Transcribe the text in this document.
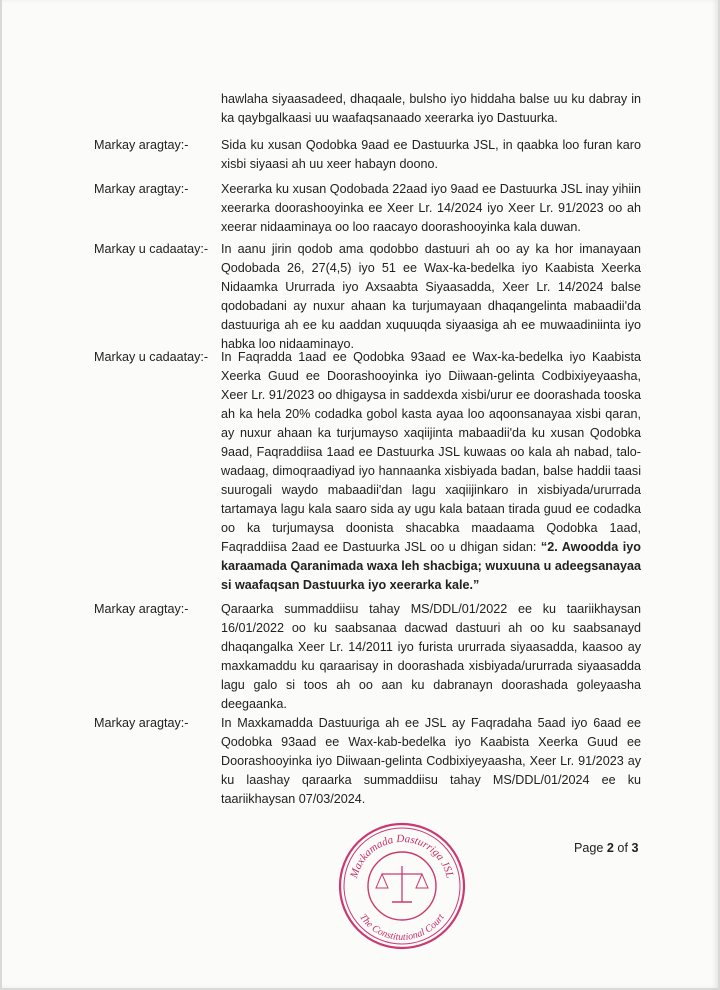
hawlaha siyaasadeed, dhaqaale, bulsho iyo hiddaha balse uu ku dabray in ka qaybgalkaasi uu waafaqsanaado xeerarka iyo Dastuurka.
Markay aragtay:-	Sida ku xusan Qodobka 9aad ee Dastuurka JSL, in qaabka loo furan karo xisbi siyaasi ah uu xeer habayn doono.
Markay aragtay:-	Xeerarka ku xusan Qodobada 22aad iyo 9aad ee Dastuurka JSL inay yihiin xeerarka doorashooyinka ee Xeer Lr. 14/2024 iyo Xeer Lr. 91/2023 oo ah xeerar nidaaminaya oo loo raacayo doorashooyinka kala duwan.
Markay u cadaatay:- In aanu jirin qodob ama qodobbo dastuuri ah oo ay ka hor imanayaan Qodobada 26, 27(4,5) iyo 51 ee Wax-ka-bedelka iyo Kaabista Xeerka Nidaamka Ururrada iyo Axsaabta Siyaasadda, Xeer Lr. 14/2024 balse qodobadani ay nuxur ahaan ka turjumayaan dhaqangelinta mabaadii'da dastuuriga ah ee ku aaddan xuquuqda siyaasiga ah ee muwaadiniinta iyo habka loo nidaaminayo.
Markay u cadaatay:- In Faqradda 1aad ee Qodobka 93aad ee Wax-ka-bedelka iyo Kaabista Xeerka Guud ee Doorashooyinka iyo Diiwaan-gelinta Codbixiyeyaasha, Xeer Lr. 91/2023 oo dhigaysa in saddexda xisbi/urur ee doorashada tooska ah ka hela 20% codadka gobol kasta ayaa loo aqoonsanayaa xisbi qaran, ay nuxur ahaan ka turjumayso xaqiijinta mabaadii'da ku xusan Qodobka 9aad, Faqraddiisa 1aad ee Dastuurka JSL kuwaas oo kala ah nabad, talo-wadaag, dimoqraadiyad iyo hannaanka xisbiyada badan, balse haddii taasi suurogali waydo mabaadii'dan lagu xaqiijinkaro in xisbiyada/ururrada tartamaya lagu kala saaro sida ay ugu kala bataan tirada guud ee codadka oo ka turjumaysa doonista shacabka maadaama Qodobka 1aad, Faqraddiisa 2aad ee Dastuurka JSL oo u dhigan sidan: “2. Awoodda iyo karaamada Qaranimada waxa leh shacbiga; wuxuuna u adeegsanayaa si waafaqsan Dastuurka iyo xeerarka kale.”
Markay aragtay:-	Qaraarka summaddiisu tahay MS/DDL/01/2022 ee ku taariikhaysan 16/01/2022 oo ku saabsanaa dacwad dastuuri ah oo ku saabsanayd dhaqangalka Xeer Lr. 14/2011 iyo furista ururrada siyaasadda, kaasoo ay maxkamaddu ku qaraarisay in doorashada xisbiyada/ururrada siyaasadda lagu galo si toos ah oo aan ku dabranayn doorashada goleyaasha deegaanka.
Markay aragtay:-	In Maxkamadda Dastuuriga ah ee JSL ay Faqradaha 5aad iyo 6aad ee Qodobka 93aad ee Wax-kab-bedelka iyo Kaabista Xeerka Guud ee Doorashooyinka iyo Diiwaan-gelinta Codbixiyeyaasha, Xeer Lr. 91/2023 ay ku laashay qaraarka summaddiisu tahay MS/DDL/01/2024 ee ku taariikhaysan 07/03/2024.
Page 2 of 3
Maxkamada Dasturriga JSL
The Constitutional Court
